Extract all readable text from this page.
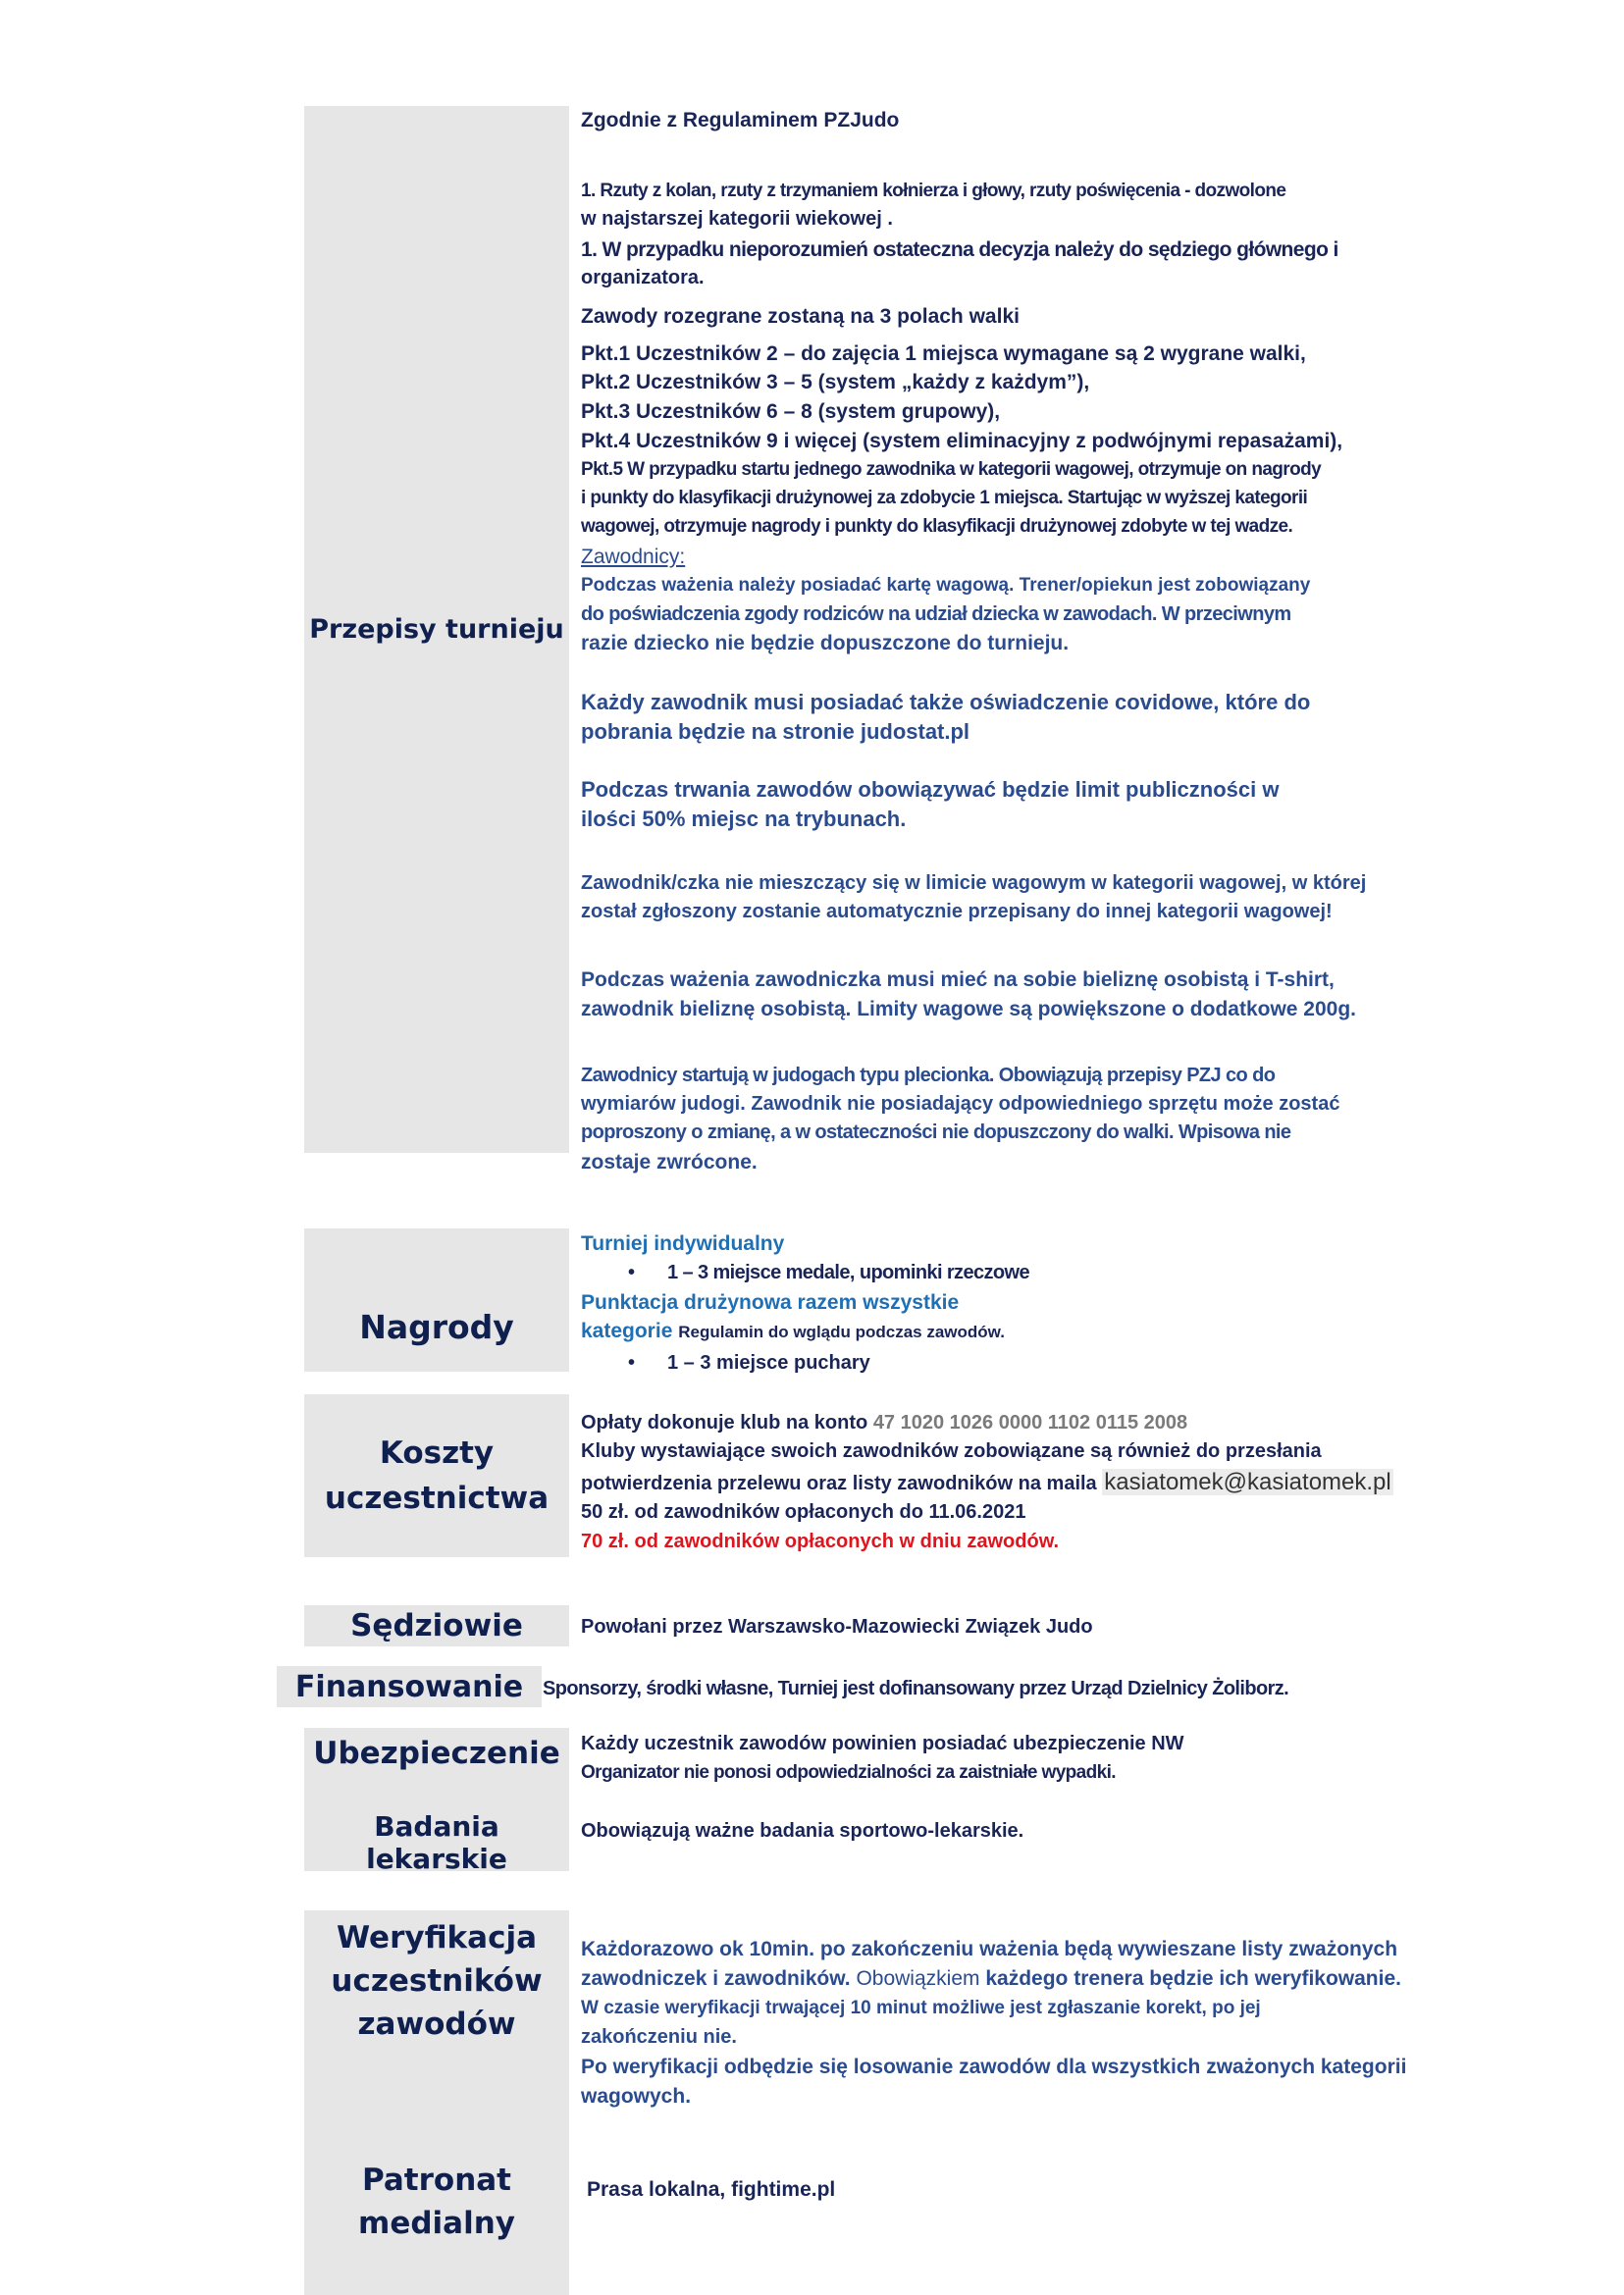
Przepisy turnieju
Zgodnie z Regulaminem PZJudo
1. Rzuty z kolan, rzuty z trzymaniem kołnierza i głowy, rzuty poświęcenia - dozwolone
w najstarszej kategorii wiekowej .
1. W przypadku nieporozumień ostateczna decyzja należy do sędziego głównego i
organizatora.
Zawody rozegrane zostaną na 3 polach walki
Pkt.1 Uczestników 2 – do zajęcia 1 miejsca wymagane są 2 wygrane walki,
Pkt.2 Uczestników 3 – 5 (system „każdy z każdym”),
Pkt.3 Uczestników 6 – 8 (system grupowy),
Pkt.4 Uczestników 9 i więcej (system eliminacyjny z podwójnymi repasażami),
Pkt.5 W przypadku startu jednego zawodnika w kategorii wagowej, otrzymuje on nagrody
i punkty do klasyfikacji drużynowej za zdobycie 1 miejsca. Startując w wyższej kategorii
wagowej, otrzymuje nagrody i punkty do klasyfikacji drużynowej zdobyte w tej wadze.
Zawodnicy:
Podczas ważenia należy posiadać kartę wagową. Trener/opiekun jest zobowiązany
do poświadczenia zgody rodziców na udział dziecka w zawodach. W przeciwnym
razie dziecko nie będzie dopuszczone do turnieju.
Każdy zawodnik musi posiadać także oświadczenie covidowe, które do
pobrania będzie na stronie judostat.pl
Podczas trwania zawodów obowiązywać będzie limit publiczności w
ilości 50% miejsc na trybunach.
Zawodnik/czka nie mieszczący się w limicie wagowym w kategorii wagowej, w której
został zgłoszony zostanie automatycznie przepisany do innej kategorii wagowej!
Podczas ważenia zawodniczka musi mieć na sobie bieliznę osobistą i T-shirt,
zawodnik bieliznę osobistą. Limity wagowe są powiększone o dodatkowe 200g.
Zawodnicy startują w judogach typu plecionka. Obowiązują przepisy PZJ co do
wymiarów judogi. Zawodnik nie posiadający odpowiedniego sprzętu może zostać
poproszony o zmianę, a w ostateczności nie dopuszczony do walki. Wpisowa nie
zostaje zwrócone.
Nagrody
Turniej indywidualny
• 1 – 3 miejsce medale, upominki rzeczowe
Punktacja drużynowa razem wszystkie
kategorie Regulamin do wglądu podczas zawodów.
• 1 – 3 miejsce puchary
Koszty
uczestnictwa
Opłaty dokonuje klub na konto 47 1020 1026 0000 1102 0115 2008
Kluby wystawiające swoich zawodników zobowiązane są również do przesłania
potwierdzenia przelewu oraz listy zawodników na maila kasiatomek@kasiatomek.pl
50 zł. od zawodników opłaconych do 11.06.2021
70 zł. od zawodników opłaconych w dniu zawodów.
Sędziowie	Powołani przez Warszawsko-Mazowiecki Związek Judo
Finansowanie Sponsorzy, środki własne, Turniej jest dofinansowany przez Urząd Dzielnicy Żoliborz.
Ubezpieczenie
Badania lekarskie
Każdy uczestnik zawodów powinien posiadać ubezpieczenie NW
Organizator nie ponosi odpowiedzialności za zaistniałe wypadki.
Obowiązują ważne badania sportowo-lekarskie.
Weryfikacja
uczestników
zawodów
Każdorazowo ok 10min. po zakończeniu ważenia będą wywieszane listy zważonych
zawodniczek i zawodników. Obowiązkiem każdego trenera będzie ich weryfikowanie.
W czasie weryfikacji trwającej 10 minut możliwe jest zgłaszanie korekt, po jej
zakończeniu nie.
Po weryfikacji odbędzie się losowanie zawodów dla wszystkich zważonych kategorii
wagowych.
Patronat
medialny
Prasa lokalna, fightime.pl
